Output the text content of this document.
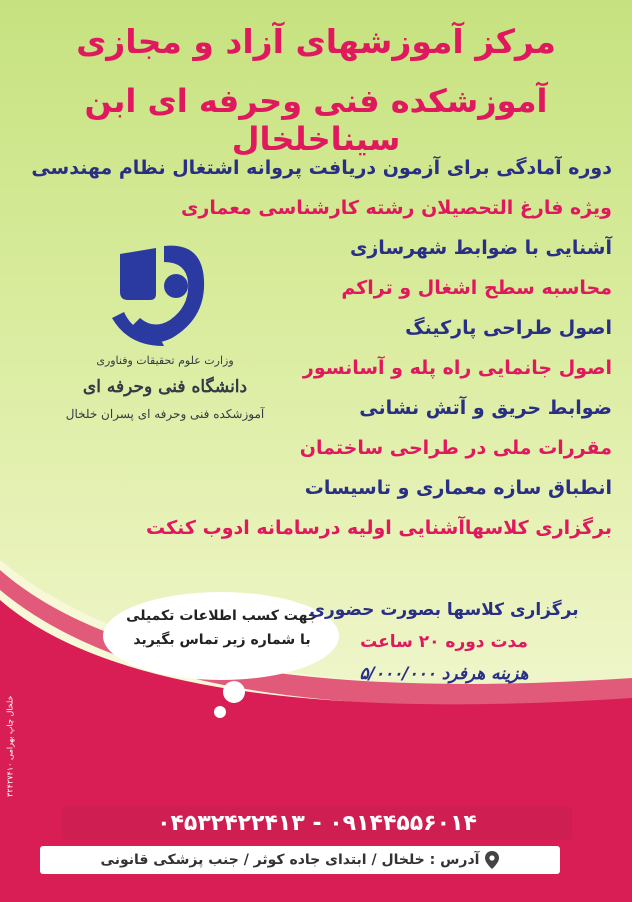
مرکز آموزشهای آزاد و مجازی
آموزشکده فنی وحرفه ای ابن سیناخلخال
دوره آمادگی برای آزمون دریافت پروانه اشتغال نظام مهندسی
ویژه فارغ التحصیلان رشته کارشناسی معماری
آشنایی با ضوابط شهرسازی
محاسبه سطح اشغال و تراکم
اصول طراحی پارکینگ
اصول جانمایی راه پله و آسانسور
ضوابط حریق و آتش نشانی
مقررات ملی در طراحی ساختمان
انطباق سازه معماری و تاسیسات
برگزاری کلاسهاآشنایی اولیه درسامانه ادوب کنکت
وزارت علوم تحقیقات وفناوری
دانشگاه فنی وحرفه ای
آموزشکده فنی وحرفه ای پسران خلخال
جهت کسب اطلاعات تکمیلی
با شماره زیر تماس بگیرید
برگزاری کلاسها بصورت حضوری
مدت دوره ۲۰ ساعت
هزینه هرفرد ۵/۰۰۰/۰۰۰
۰۹۱۴۴۵۵۶۰۱۴ - ۰۴۵۳۲۴۲۲۴۱۳
آدرس : خلخال / ابتدای جاده کوثر / جنب پزشکی قانونی
خلخال چاپ بهرامی ۳۲۴۲۷۴۱۰
